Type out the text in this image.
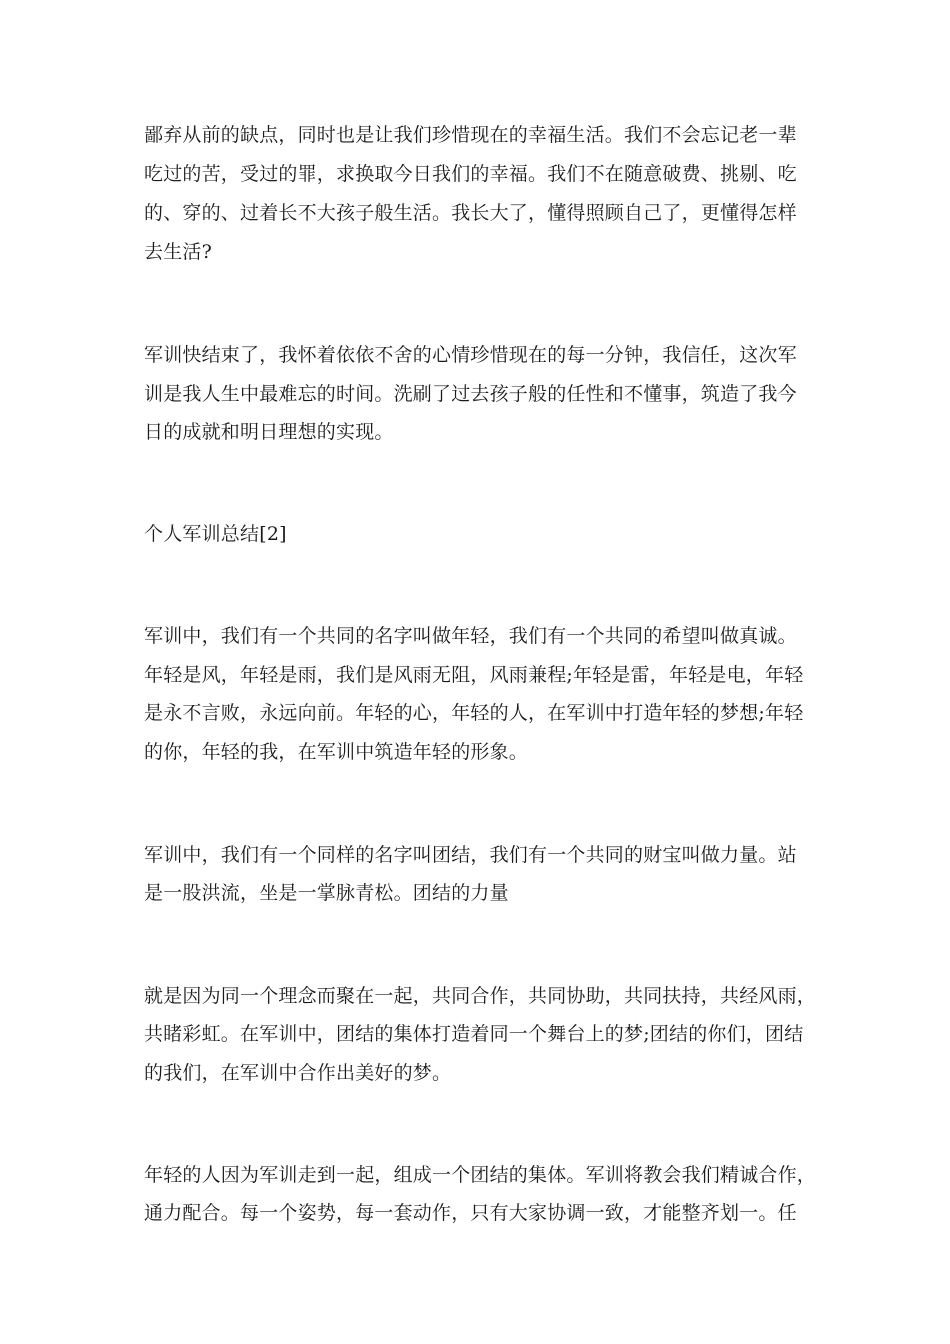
鄙弃从前的缺点，同时也是让我们珍惜现在的幸福生活。我们不会忘记老一辈
吃过的苦，受过的罪，求换取今日我们的幸福。我们不在随意破费、挑剔、吃
的、穿的、过着长不大孩子般生活。我长大了，懂得照顾自己了，更懂得怎样
去生活?
军训快结束了，我怀着依依不舍的心情珍惜现在的每一分钟，我信任，这次军
训是我人生中最难忘的时间。洗刷了过去孩子般的任性和不懂事，筑造了我今
日的成就和明日理想的实现。
个人军训总结[2]
军训中，我们有一个共同的名字叫做年轻，我们有一个共同的希望叫做真诚。
年轻是风，年轻是雨，我们是风雨无阻，风雨兼程;年轻是雷，年轻是电，年轻
是永不言败，永远向前。年轻的心，年轻的人，在军训中打造年轻的梦想;年轻
的你，年轻的我，在军训中筑造年轻的形象。
军训中，我们有一个同样的名字叫团结，我们有一个共同的财宝叫做力量。站
是一股洪流，坐是一掌脉青松。团结的力量
就是因为同一个理念而聚在一起，共同合作，共同协助，共同扶持，共经风雨，
共睹彩虹。在军训中，团结的集体打造着同一个舞台上的梦;团结的你们，团结
的我们，在军训中合作出美好的梦。
年轻的人因为军训走到一起，组成一个团结的集体。军训将教会我们精诚合作，
通力配合。每一个姿势，每一套动作，只有大家协调一致，才能整齐划一。任
